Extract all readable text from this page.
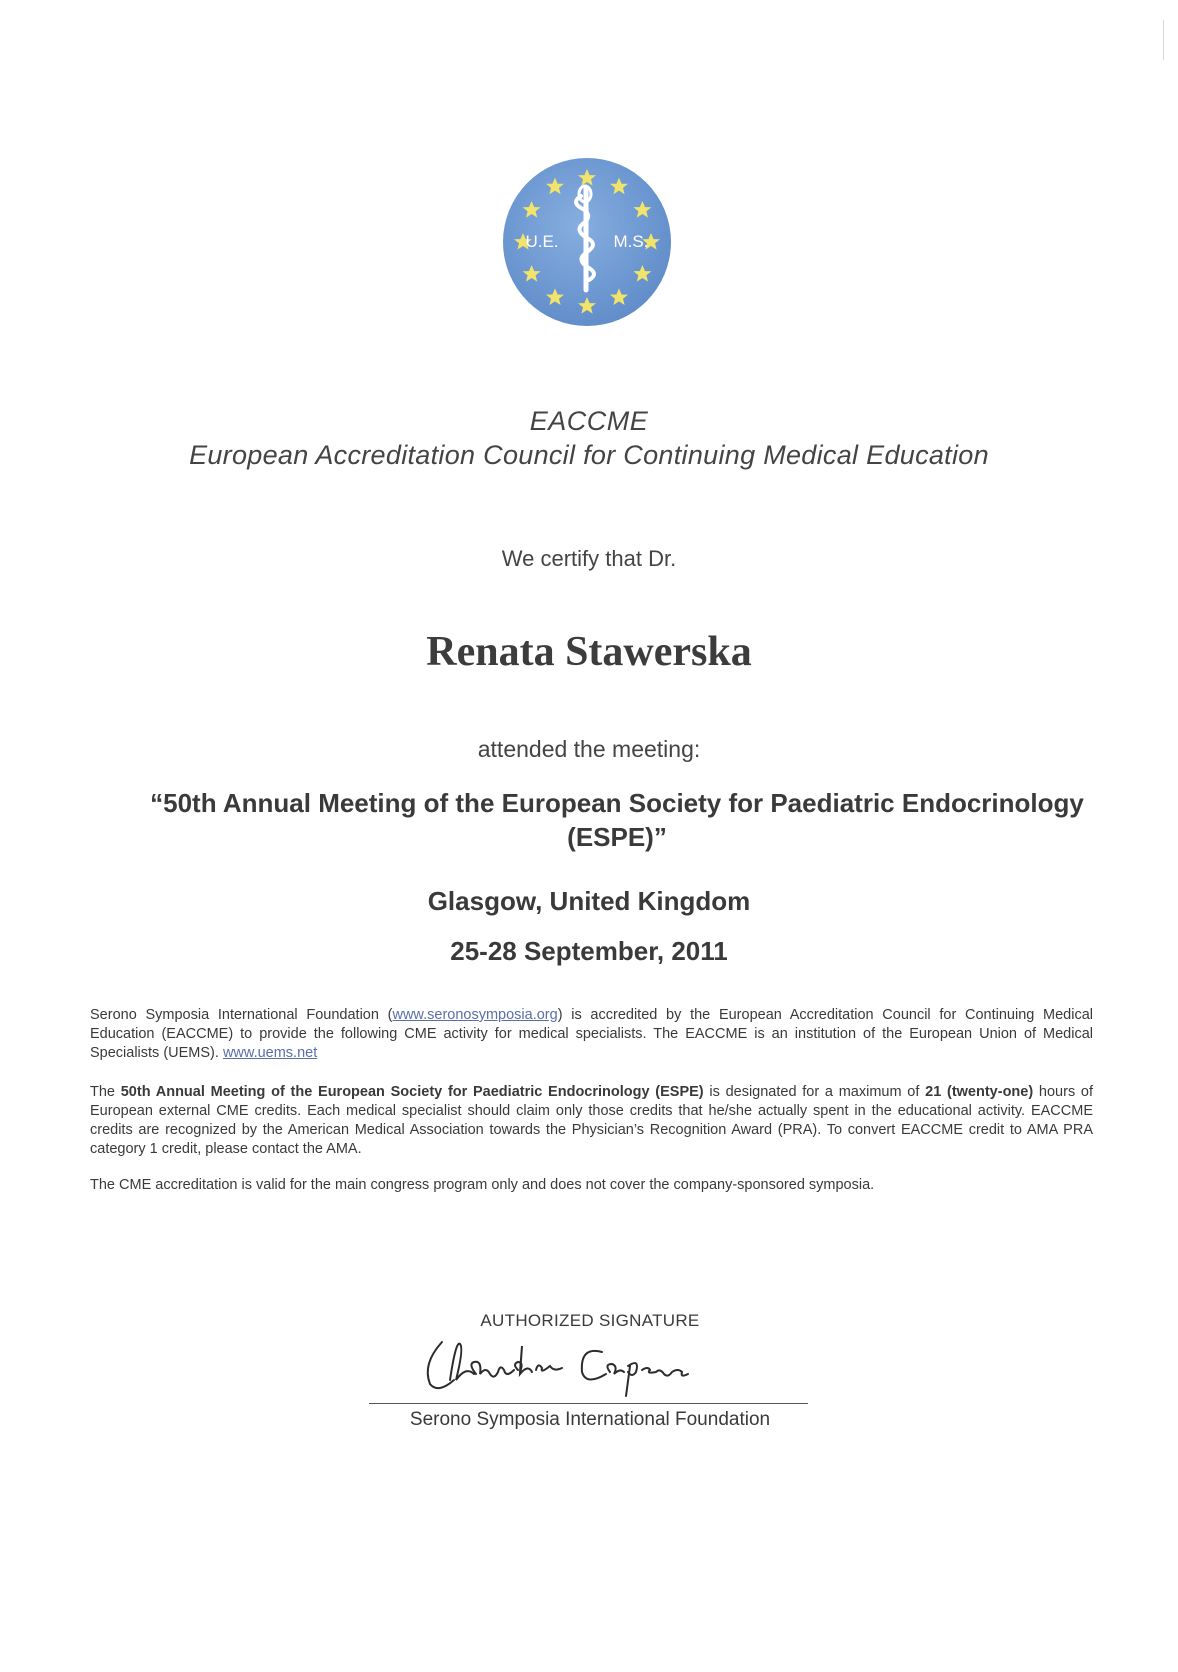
U.E.	M.S.
EACCME
European Accreditation Council for Continuing Medical Education
We certify that Dr.
Renata Stawerska
attended the meeting:
“50th Annual Meeting of the European Society for Paediatric Endocrinology (ESPE)”
Glasgow, United Kingdom
25-28 September, 2011
Serono Symposia International Foundation (www.seronosymposia.org) is accredited by the European Accreditation Council for Continuing Medical Education (EACCME) to provide the following CME activity for medical specialists. The EACCME is an institution of the European Union of Medical Specialists (UEMS). www.uems.net
The 50th Annual Meeting of the European Society for Paediatric Endocrinology (ESPE) is designated for a maximum of 21 (twenty-one) hours of European external CME credits. Each medical specialist should claim only those credits that he/she actually spent in the educational activity. EACCME credits are recognized by the American Medical Association towards the Physician’s Recognition Award (PRA). To convert EACCME credit to AMA PRA category 1 credit, please contact the AMA.
The CME accreditation is valid for the main congress program only and does not cover the company-sponsored symposia.
AUTHORIZED SIGNATURE
Serono Symposia International Foundation
